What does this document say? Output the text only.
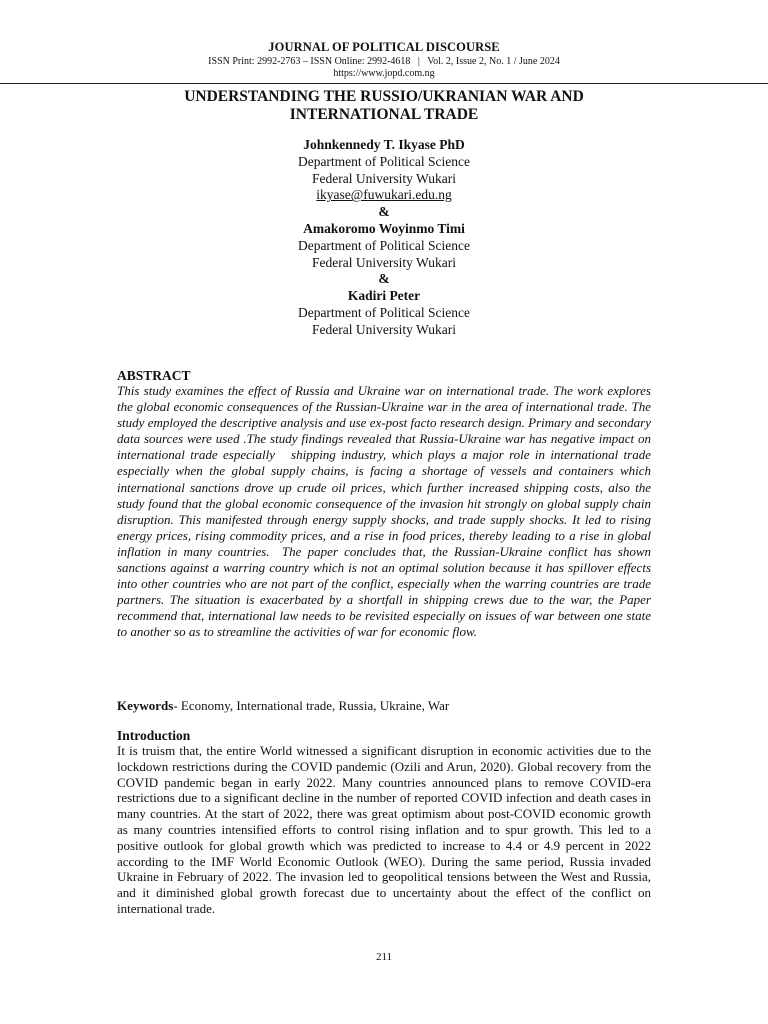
JOURNAL OF POLITICAL DISCOURSE
ISSN Print: 2992-2763 – ISSN Online: 2992-4618   |   Vol. 2, Issue 2, No. 1 / June 2024
https://www.jopd.com.ng
UNDERSTANDING THE RUSSIO/UKRANIAN WAR AND INTERNATIONAL TRADE
Johnkennedy T. Ikyase PhD
Department of Political Science
Federal University Wukari
ikyase@fuwukari.edu.ng
&
Amakoromo Woyinmo Timi
Department of Political Science
Federal University Wukari
&
Kadiri Peter
Department of Political Science
Federal University Wukari
ABSTRACT
This study examines the effect of Russia and Ukraine war on international trade. The work explores the global economic consequences of the Russian-Ukraine war in the area of international trade. The study employed the descriptive analysis and use ex-post facto research design. Primary and secondary data sources were used .The study findings revealed that Russia-Ukraine war has negative impact on international trade especially   shipping industry, which plays a major role in international trade especially when the global supply chains, is facing a shortage of vessels and containers which international sanctions drove up crude oil prices, which further increased shipping costs, also the study found that the global economic consequence of the invasion hit strongly on global supply chain disruption. This manifested through energy supply shocks, and trade supply shocks. It led to rising energy prices, rising commodity prices, and a rise in food prices, thereby leading to a rise in global inflation in many countries.  The paper concludes that, the Russian-Ukraine conflict has shown sanctions against a warring country which is not an optimal solution because it has spillover effects into other countries who are not part of the conflict, especially when the warring countries are trade partners. The situation is exacerbated by a shortfall in shipping crews due to the war, the Paper recommend that, international law needs to be revisited especially on issues of war between one state to another so as to streamline the activities of war for economic flow.
Keywords- Economy, International trade, Russia, Ukraine, War
Introduction
It is truism that, the entire World witnessed a significant disruption in economic activities due to the lockdown restrictions during the COVID pandemic (Ozili and Arun, 2020). Global recovery from the COVID pandemic began in early 2022. Many countries announced plans to remove COVID-era restrictions due to a significant decline in the number of reported COVID infection and death cases in many countries. At the start of 2022, there was great optimism about post-COVID economic growth as many countries intensified efforts to control rising inflation and to spur growth. This led to a positive outlook for global growth which was predicted to increase to 4.4 or 4.9 percent in 2022 according to the IMF World Economic Outlook (WEO). During the same period, Russia invaded Ukraine in February of 2022. The invasion led to geopolitical tensions between the West and Russia, and it diminished global growth forecast due to uncertainty about the effect of the conflict on international trade.
211
